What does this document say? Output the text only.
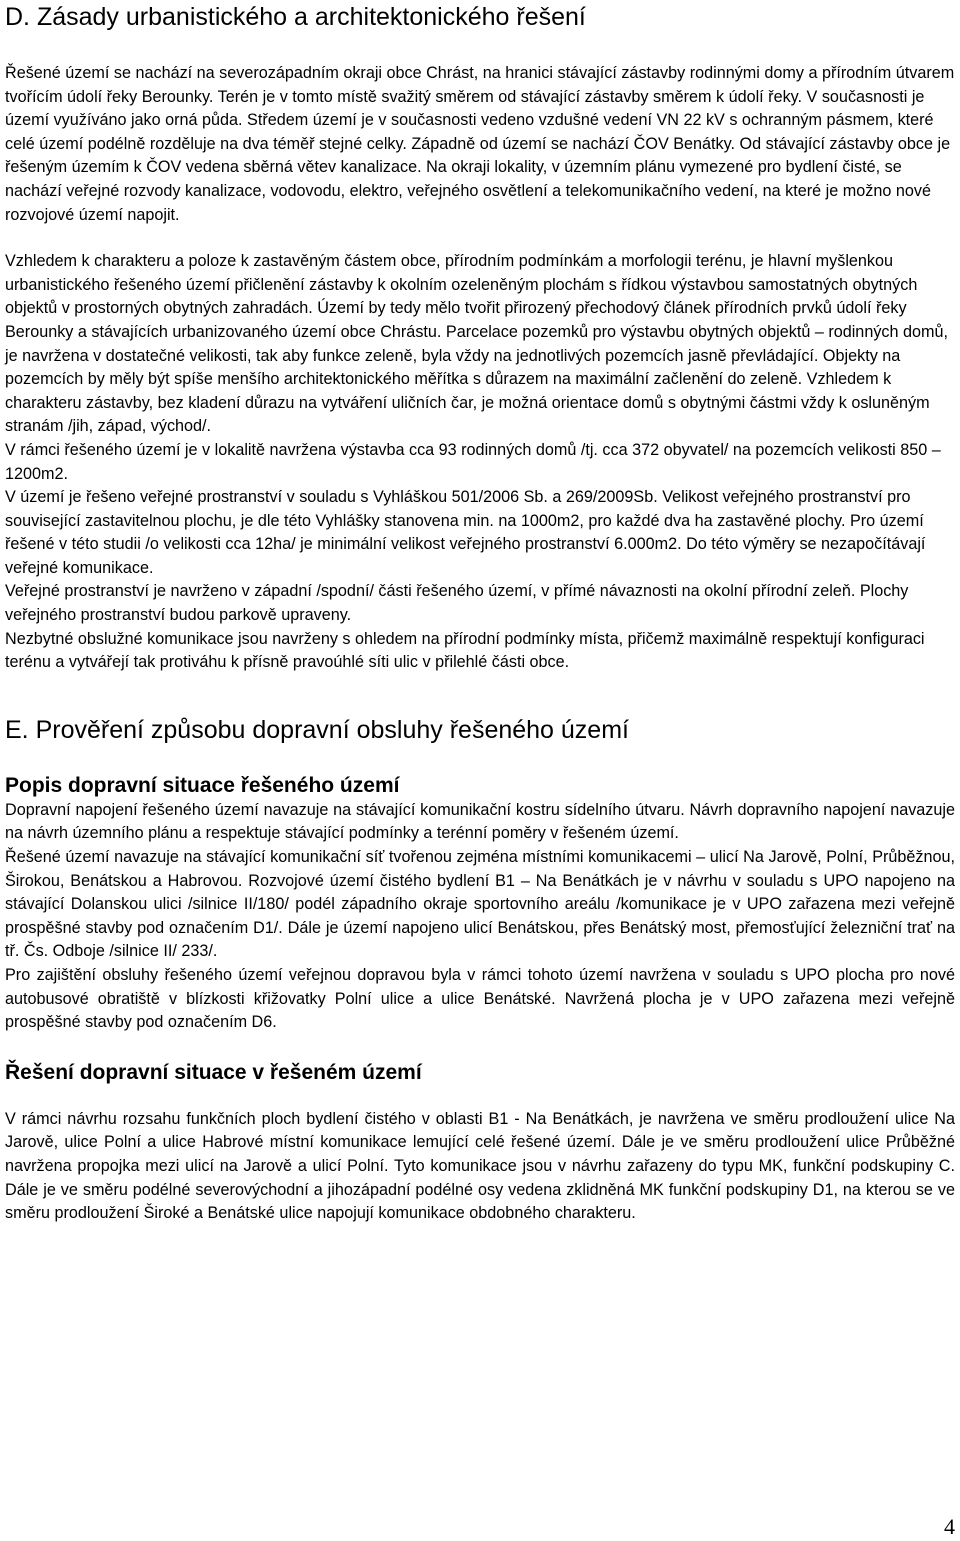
D. Zásady urbanistického a architektonického řešení

Řešené území se nachází na severozápadním okraji obce Chrást, na hranici stávající zástavby rodinnými domy a přírodním útvarem tvořícím údolí řeky Berounky. Terén je v tomto místě svažitý směrem od stávající zástavby směrem k údolí řeky. V současnosti je území využíváno jako orná půda. Středem území je v současnosti vedeno vzdušné vedení VN 22 kV s ochranným pásmem, které celé území podélně rozděluje na dva téměř stejné celky. Západně od území se nachází ČOV Benátky. Od stávající zástavby obce je řešeným územím k ČOV vedena sběrná větev kanalizace. Na okraji lokality, v územním plánu vymezené pro bydlení čisté, se nachází veřejné rozvody kanalizace, vodovodu, elektro, veřejného osvětlení a telekomunikačního vedení, na které je možno nové rozvojové území napojit.

Vzhledem k charakteru a poloze k zastavěným částem obce, přírodním podmínkám a morfologii terénu, je hlavní myšlenkou urbanistického řešeného území přičlenění zástavby k okolním ozeleněným plochám s řídkou výstavbou samostatných obytných objektů v prostorných obytných zahradách. Území by tedy mělo tvořit přirozený přechodový článek přírodních prvků údolí řeky Berounky a stávajících urbanizovaného území obce Chrástu. Parcelace pozemků pro výstavbu obytných objektů – rodinných domů, je navržena v dostatečné velikosti, tak aby funkce zeleně, byla vždy na jednotlivých pozemcích jasně převládající. Objekty na pozemcích by měly být spíše menšího architektonického měřítka s důrazem na maximální začlenění do zeleně. Vzhledem k charakteru zástavby, bez kladení důrazu na vytváření uličních čar, je možná orientace domů s obytnými částmi vždy k osluněným stranám /jih, západ, východ/.

V rámci řešeného území je v lokalitě navržena výstavba cca 93 rodinných domů /tj. cca 372 obyvatel/ na pozemcích velikosti 850 – 1200m2.

V území je řešeno veřejné prostranství v souladu s Vyhláškou 501/2006 Sb. a 269/2009Sb. Velikost veřejného prostranství pro související zastavitelnou plochu, je dle této Vyhlášky stanovena min. na 1000m2, pro každé dva ha zastavěné plochy. Pro území řešené v této studii /o velikosti cca 12ha/ je minimální velikost veřejného prostranství 6.000m2. Do této výměry se nezapočítávají veřejné komunikace.

Veřejné prostranství je navrženo v západní /spodní/ části řešeného území, v přímé návaznosti na okolní přírodní zeleň. Plochy veřejného prostranství budou parkově upraveny.

Nezbytné obslužné komunikace jsou navrženy s ohledem na přírodní podmínky místa, přičemž maximálně respektují konfiguraci terénu a vytvářejí tak protiváhu k přísně pravoúhlé síti ulic v přilehlé části obce.

E. Prověření způsobu dopravní obsluhy řešeného území
Popis dopravní situace řešeného území

Dopravní napojení řešeného území navazuje na stávající komunikační kostru sídelního útvaru. Návrh dopravního napojení navazuje na návrh územního plánu a respektuje stávající podmínky a terénní poměry v řešeném území.

Řešené území navazuje na stávající komunikační síť tvořenou zejména místními komunikacemi – ulicí Na Jarově, Polní, Průběžnou, Širokou, Benátskou a Habrovou. Rozvojové území čistého bydlení B1 – Na Benátkách je v návrhu v souladu s UPO napojeno na stávající Dolanskou ulici /silnice II/180/ podél západního okraje sportovního areálu /komunikace je v UPO zařazena mezi veřejně prospěšné stavby pod označením D1/. Dále je území napojeno ulicí Benátskou, přes Benátský most, přemosťující železniční trať na tř. Čs. Odboje /silnice II/ 233/.

Pro zajištění obsluhy řešeného území veřejnou dopravou byla v rámci tohoto území navržena v souladu s UPO plocha pro nové autobusové obratiště v blízkosti křižovatky Polní ulice a ulice Benátské. Navržená plocha je v UPO zařazena mezi veřejně prospěšné stavby pod označením D6.

Řešení dopravní situace v řešeném území

V rámci návrhu rozsahu funkčních ploch bydlení čistého v oblasti B1 - Na Benátkách, je navržena ve směru prodloužení ulice Na Jarově, ulice Polní a ulice Habrové místní komunikace lemující celé řešené území. Dále je ve směru prodloužení ulice Průběžné navržena propojka mezi ulicí na Jarově a ulicí Polní. Tyto komunikace jsou v návrhu zařazeny do typu MK, funkční podskupiny C. Dále je ve směru podélné severovýchodní a jihozápadní podélné osy vedena zklidněná MK funkční podskupiny D1, na kterou se ve směru prodloužení Široké a Benátské ulice napojují komunikace obdobného charakteru.

4
